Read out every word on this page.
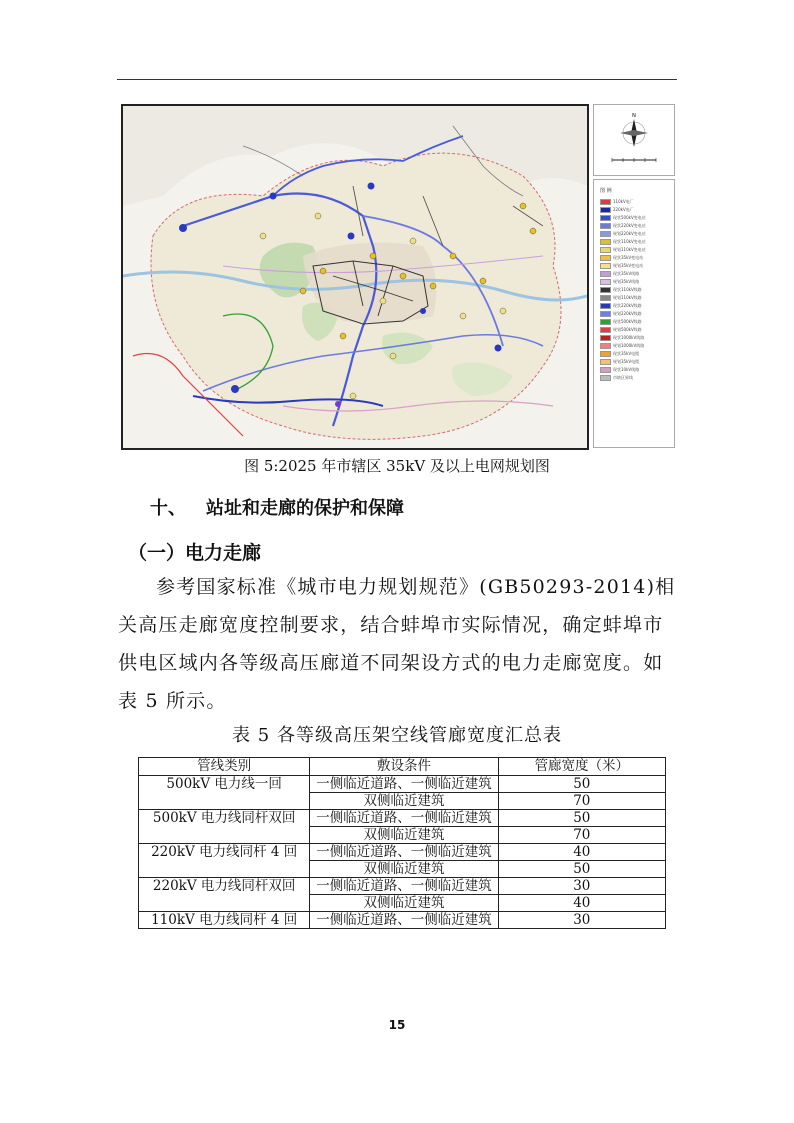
N
图 例
110kV电厂
220kV电厂
现状500kV变电站
现状220kV变电站
规划220kV变电站
现状110kV变电站
规划110kV变电站
现状35kV变电站
规划35kV变电站
现状35kV线路
规划35kV线路
现状110kV线路
规划110kV线路
现状220kV线路
规划220kV线路
现状500kV线路
规划500kV线路
现状1000kV线路
规划1000kV线路
现状35kV电缆
规划35kV电缆
现状10kV线路
市辖区界线
图 5:2025 年市辖区 35kV 及以上电网规划图
十、 站址和走廊的保护和保障
（一）电力走廊
参考国家标准《城市电力规划规范》(GB50293-2014)相关高压走廊宽度控制要求，结合蚌埠市实际情况，确定蚌埠市供电区域内各等级高压廊道不同架设方式的电力走廊宽度。如表 5 所示。
表 5 各等级高压架空线管廊宽度汇总表
管线类别	敷设条件	管廊宽度（米）
500kV 电力线一回	一侧临近道路、一侧临近建筑	50
	双侧临近建筑	70
500kV 电力线同杆双回	一侧临近道路、一侧临近建筑	50
	双侧临近建筑	70
220kV 电力线同杆 4 回	一侧临近道路、一侧临近建筑	40
	双侧临近建筑	50
220kV 电力线同杆双回	一侧临近道路、一侧临近建筑	30
	双侧临近建筑	40
110kV 电力线同杆 4 回	一侧临近道路、一侧临近建筑	30
15
